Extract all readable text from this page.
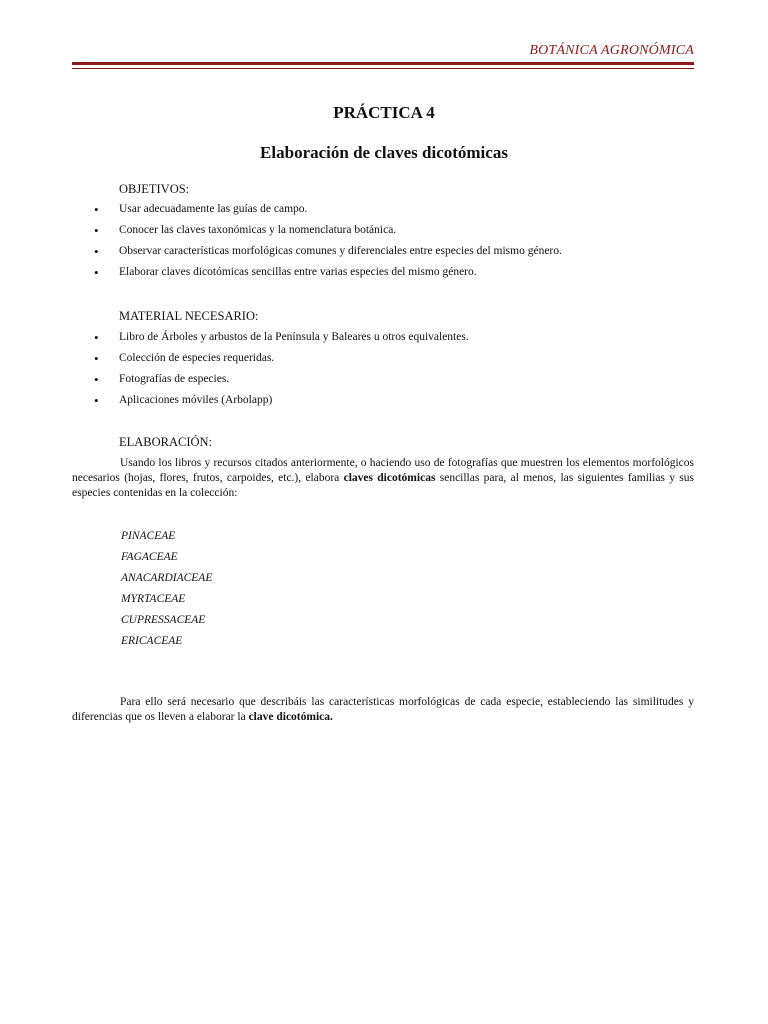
BOTÁNICA AGRONÓMICA
PRÁCTICA 4
Elaboración de claves dicotómicas
OBJETIVOS:
• Usar adecuadamente las guías de campo.
• Conocer las claves taxonómicas y la nomenclatura botánica.
• Observar características morfológicas comunes y diferenciales entre especies del mismo género.
• Elaborar claves dicotómicas sencillas entre varias especies del mismo género.
MATERIAL NECESARIO:
• Libro de Árboles y arbustos de la Península y Baleares u otros equivalentes.
• Colección de especies requeridas.
• Fotografías de especies.
• Aplicaciones móviles (Arbolapp)
ELABORACIÓN:

Usando los libros y recursos citados anteriormente, o haciendo uso de fotografías que muestren los elementos morfológicos necesarios (hojas, flores, frutos, carpoides, etc.), elabora claves dicotómicas sencillas para, al menos, las siguientes familias y sus especies contenidas en la colección:

PINACEAE
FAGACEAE
ANACARDIACEAE
MYRTACEAE
CUPRESSACEAE
ERICACEAE

Para ello será necesario que describáis las características morfológicas de cada especie, estableciendo las similitudes y diferencias que os lleven a elaborar la clave dicotómica.
